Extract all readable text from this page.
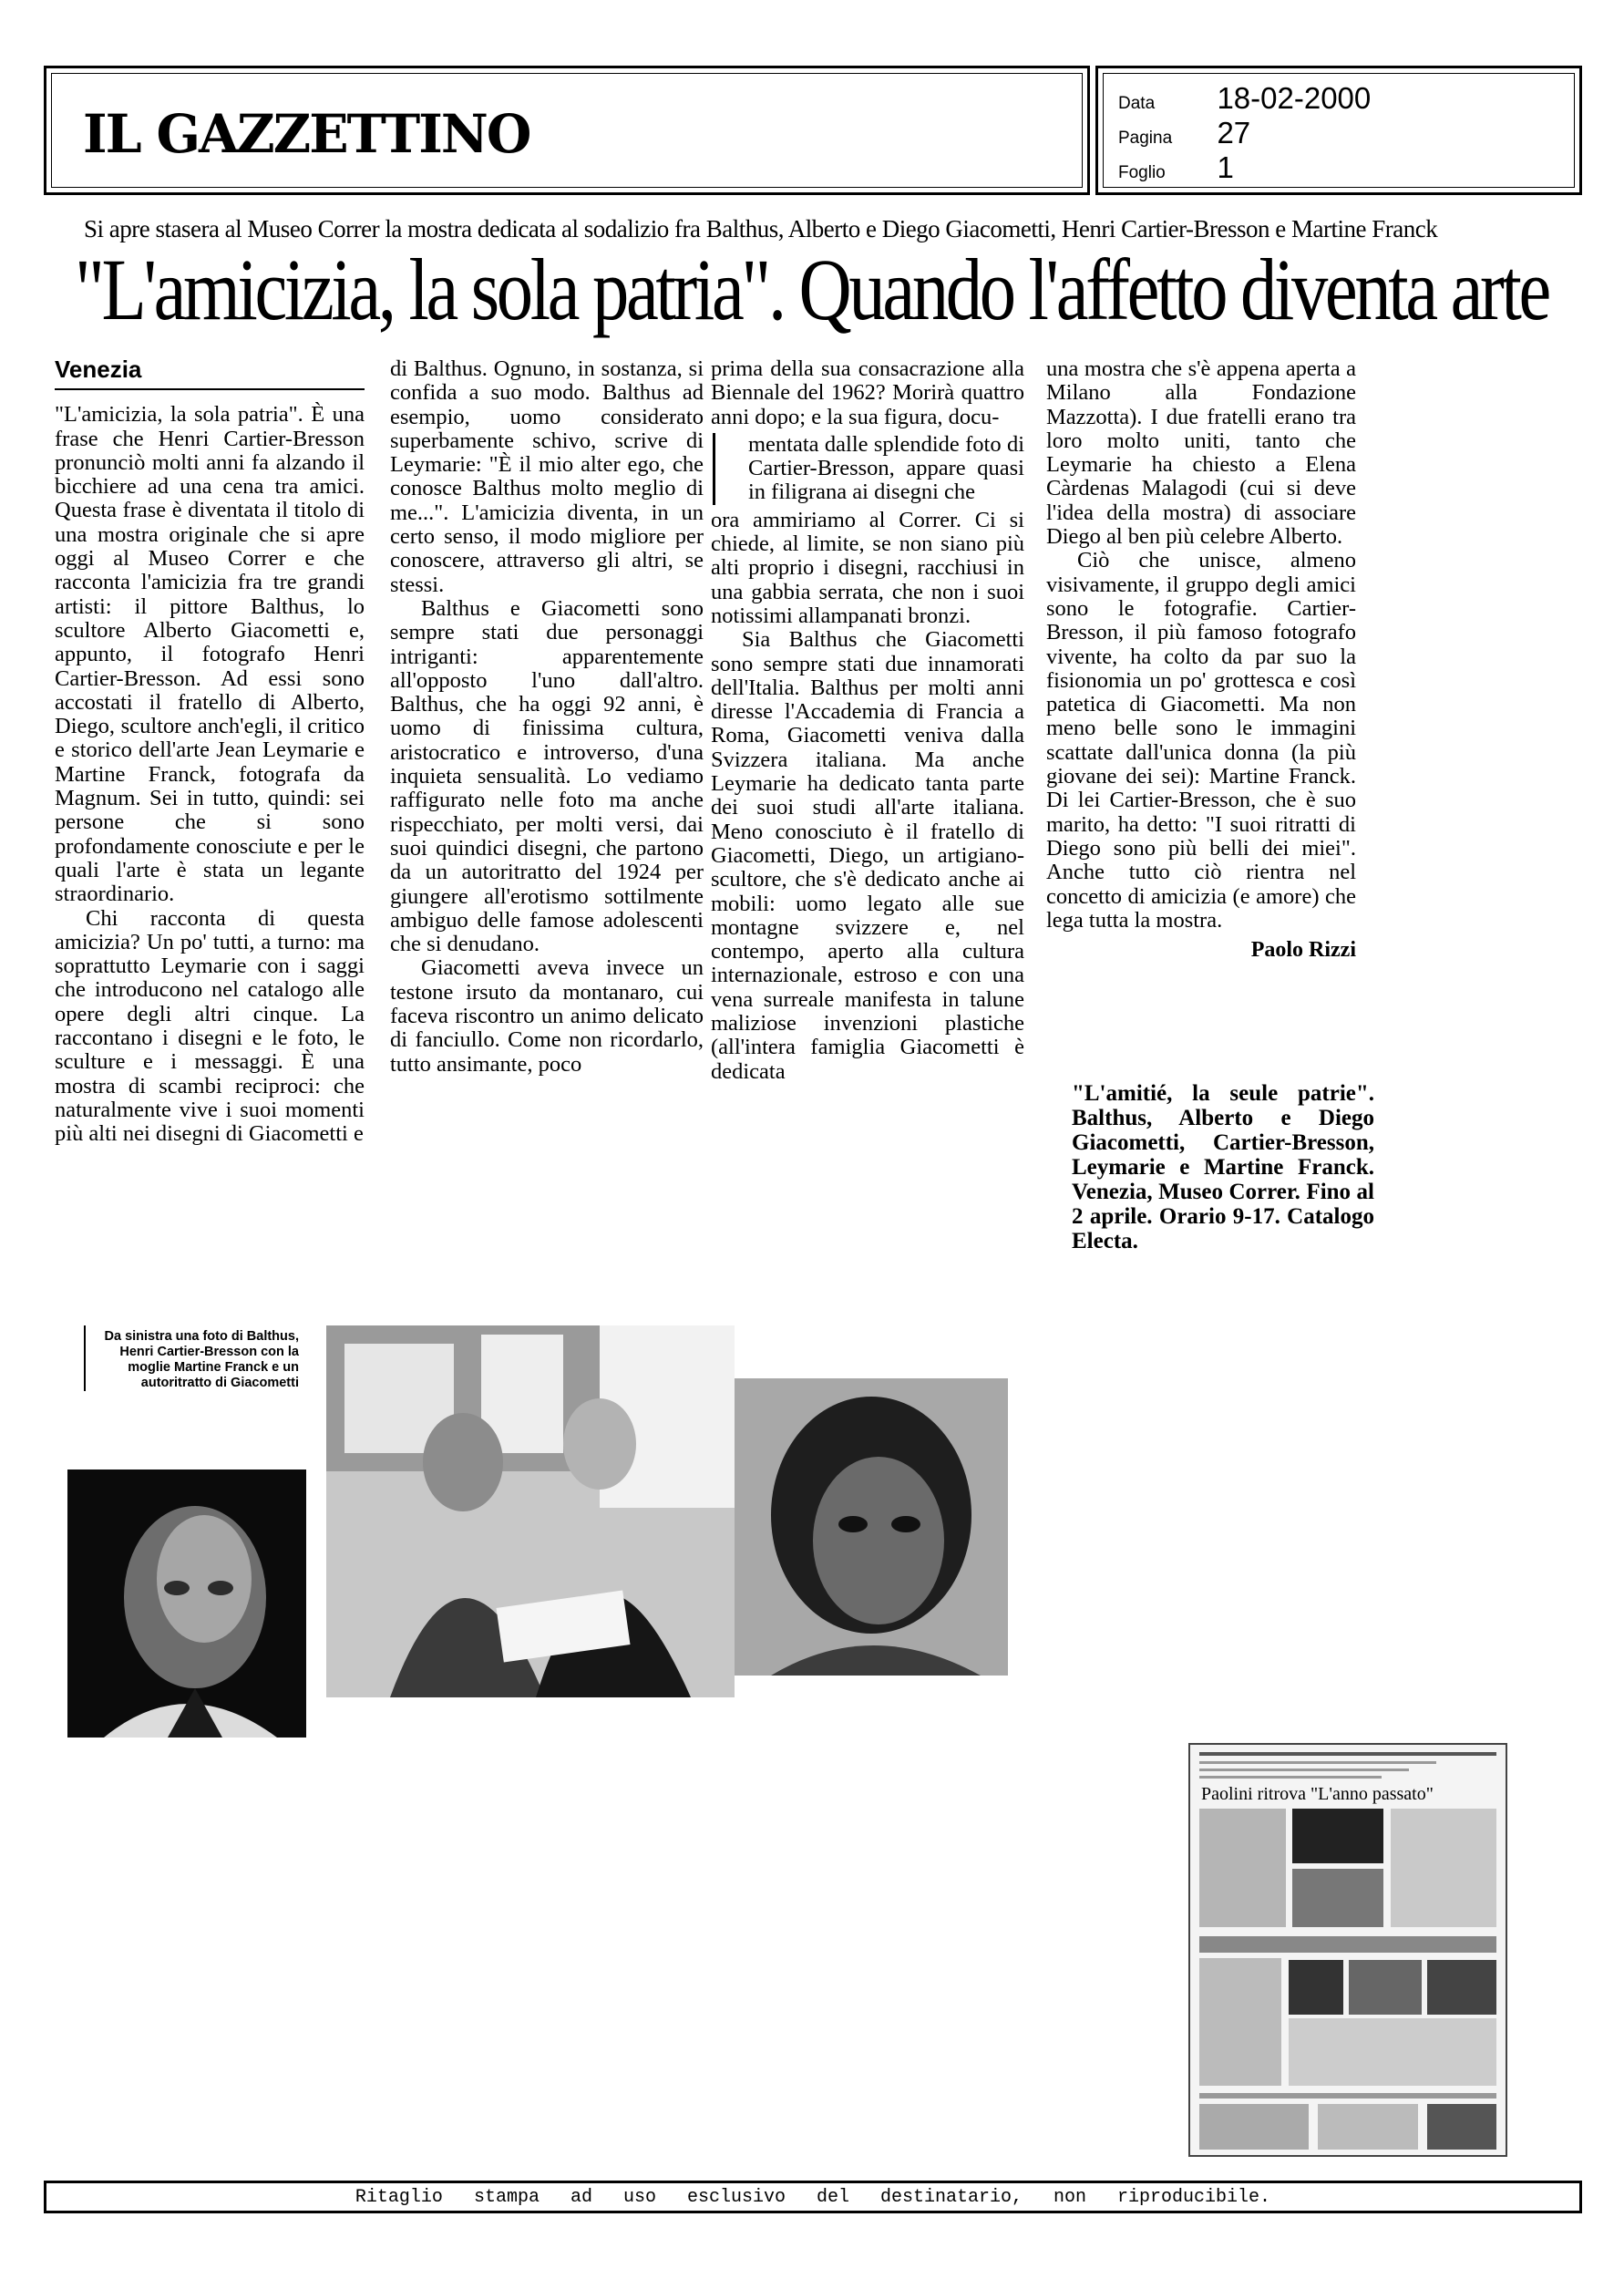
IL GAZZETTINO	Data 18-02-2000
Pagina 27
Foglio 1
Si apre stasera al Museo Correr la mostra dedicata al sodalizio fra Balthus, Alberto e Diego Giacometti, Henri Cartier-Bresson e Martine Franck
"L'amicizia, la sola patria". Quando l'affetto diventa arte
Venezia

"L'amicizia, la sola patria". È una frase che Henri Cartier-Bresson pronunciò molti anni fa alzando il bicchiere ad una cena tra amici. Questa frase è diventata il titolo di una mostra originale che si apre oggi al Museo Correr e che racconta l'amicizia fra tre grandi artisti: il pittore Balthus, lo scultore Alberto Giacometti e, appunto, il fotografo Henri Cartier-Bresson. Ad essi sono accostati il fratello di Alberto, Diego, scultore anch'egli, il critico e storico dell'arte Jean Leymarie e Martine Franck, fotografa da Magnum. Sei in tutto, quindi: sei persone che si sono profondamente conosciute e per le quali l'arte è stata un legante straordinario.

Chi racconta di questa amicizia? Un po' tutti, a turno: ma soprattutto Leymarie con i saggi che introducono nel catalogo alle opere degli altri cinque. La raccontano i disegni e le foto, le sculture e i messaggi. È una mostra di scambi reciproci: che naturalmente vive i suoi momenti più alti nei disegni di Giacometti e

di Balthus. Ognuno, in sostanza, si confida a suo modo. Balthus ad esempio, uomo considerato superbamente schivo, scrive di Leymarie: "È il mio alter ego, che conosce Balthus molto meglio di me...". L'amicizia diventa, in un certo senso, il modo migliore per conoscere, attraverso gli altri, se stessi.

Balthus e Giacometti sono sempre stati due personaggi intriganti: apparentemente all'opposto l'uno dall'altro. Balthus, che ha oggi 92 anni, è uomo di finissima cultura, aristocratico e introverso, d'una inquieta sensualità. Lo vediamo raffigurato nelle foto ma anche rispecchiato, per molti versi, dai suoi quindici disegni, che partono da un autoritratto del 1924 per giungere all'erotismo sottilmente ambiguo delle famose adolescenti che si denudano.

Giacometti aveva invece un testone irsuto da montanaro, cui faceva riscontro un animo delicato di fanciullo. Come non ricordarlo, tutto ansimante, poco

prima della sua consacrazione alla Biennale del 1962? Morirà quattro anni dopo; e la sua figura, docu-

mentata dalle splendide foto di Cartier-Bresson, appare quasi in filigrana ai disegni che

ora ammiriamo al Correr. Ci si chiede, al limite, se non siano più alti proprio i disegni, racchiusi in una gabbia serrata, che non i suoi notissimi allampanati bronzi.

Sia Balthus che Giacometti sono sempre stati due innamorati dell'Italia. Balthus per molti anni diresse l'Accademia di Francia a Roma, Giacometti veniva dalla Svizzera italiana. Ma anche Leymarie ha dedicato tanta parte dei suoi studi all'arte italiana. Meno conosciuto è il fratello di Giacometti, Diego, un artigiano-scultore, che s'è dedicato anche ai mobili: uomo legato alle sue montagne svizzere e, nel contempo, aperto alla cultura internazionale, estroso e con una vena surreale manifesta in talune maliziose invenzioni plastiche (all'intera famiglia Giacometti è dedicata

una mostra che s'è appena aperta a Milano alla Fondazione Mazzotta). I due fratelli erano tra loro molto uniti, tanto che Leymarie ha chiesto a Elena Càrdenas Malagodi (cui si deve l'idea della mostra) di associare Diego al ben più celebre Alberto.

Ciò che unisce, almeno visivamente, il gruppo degli amici sono le fotografie. Cartier-Bresson, il più famoso fotografo vivente, ha colto da par suo la fisionomia un po' grottesca e così patetica di Giacometti. Ma non meno belle sono le immagini scattate dall'unica donna (la più giovane dei sei): Martine Franck. Di lei Cartier-Bresson, che è suo marito, ha detto: "I suoi ritratti di Diego sono più belli dei miei". Anche tutto ciò rientra nel concetto di amicizia (e amore) che lega tutta la mostra.

Paolo Rizzi
"L'amitié, la seule patrie". Balthus, Alberto e Diego Giacometti, Cartier-Bresson, Leymarie e Martine Franck. Venezia, Museo Correr. Fino al 2 aprile. Orario 9-17. Catalogo Electa.
Da sinistra una foto di Balthus, Henri Cartier-Bresson con la moglie Martine Franck e un autoritratto di Giacometti
Paolini ritrova "L'anno passato"
Ritaglio stampa ad uso esclusivo del destinatario, non riproducibile.
